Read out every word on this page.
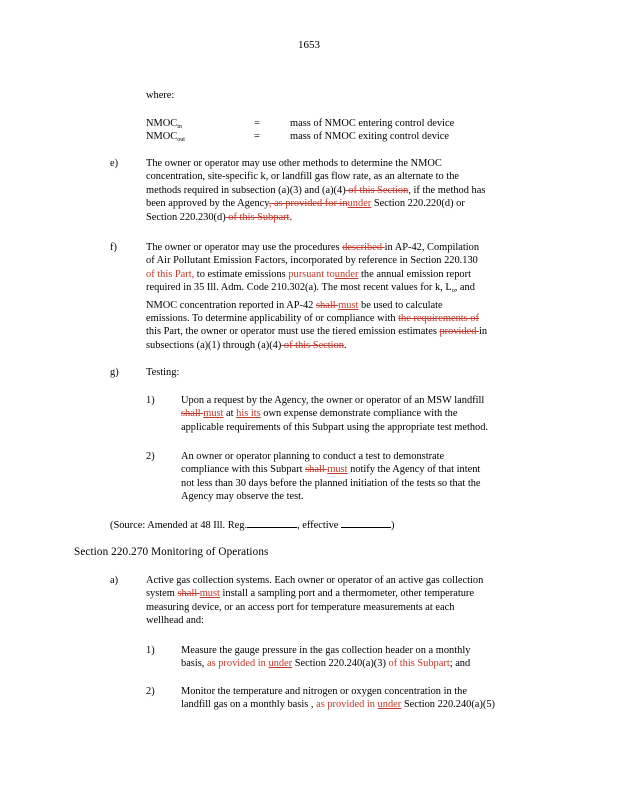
1653
where:
$NMOC_{in}$	=	mass of NMOC entering control device
$NMOC_{out}$	=	mass of NMOC exiting control device
e)	The owner or operator may use other methods to determine the NMOC
concentration, site-specific k, or landfill gas flow rate, as an alternate to the
methods required in subsection (a)(3) and (a)(4) of this Section, if the method has
been approved by the Agency, as provided for inunder Section 220.220(d) or
Section 220.230(d) of this Subpart.
f)	The owner or operator may use the procedures described in AP-42, Compilation
of Air Pollutant Emission Factors, incorporated by reference in Section 220.130
of this Part, to estimate emissions pursuant tounder the annual emission report
required in 35 Ill. Adm. Code 210.302(a). The most recent values for k, $L_o$, and
NMOC concentration reported in AP-42 shall must be used to calculate
emissions. To determine applicability of or compliance with the requirements of
this Part, the owner or operator must use the tiered emission estimates provided in
subsections (a)(1) through (a)(4) of this Section.
g)	Testing:
1)	Upon a request by the Agency, the owner or operator of an MSW landfill
shall must at his its own expense demonstrate compliance with the
applicable requirements of this Subpart using the appropriate test method.
2)	An owner or operator planning to conduct a test to demonstrate
compliance with this Subpart shall must notify the Agency of that intent
not less than 30 days before the planned initiation of the tests so that the
Agency may observe the test.
(Source: Amended at 48 Ill. Reg.	, effective	)
Section 220.270 Monitoring of Operations
a)	Active gas collection systems. Each owner or operator of an active gas collection
system shall must install a sampling port and a thermometer, other temperature
measuring device, or an access port for temperature measurements at each
wellhead and:
1)	Measure the gauge pressure in the gas collection header on a monthly
basis, as provided in under Section 220.240(a)(3) of this Subpart; and
2)	Monitor the temperature and nitrogen or oxygen concentration in the
landfill gas on a monthly basis , as provided in under Section 220.240(a)(5)
